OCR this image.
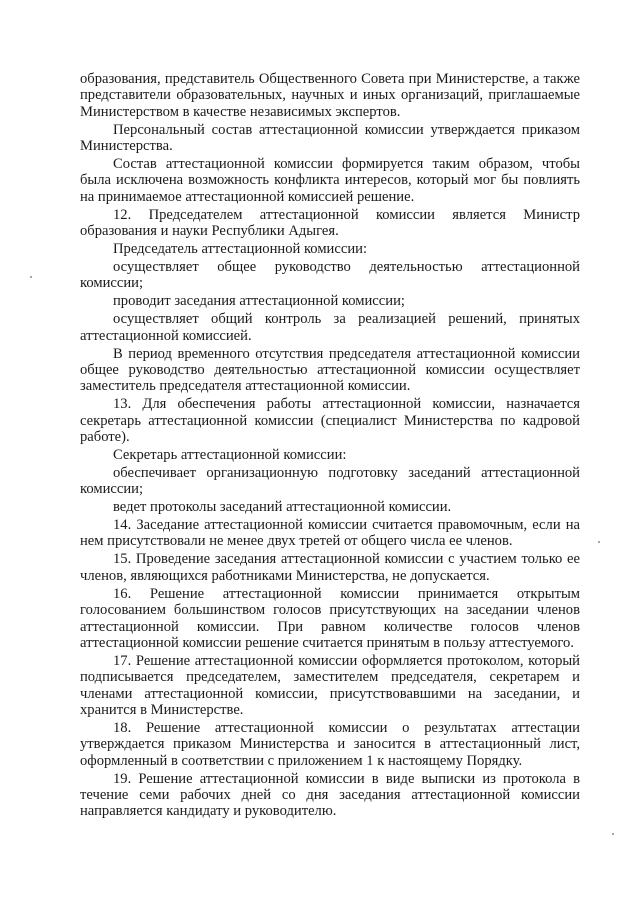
образования, представитель Общественного Совета при Министерстве, а также представители образовательных, научных и иных организаций, приглашаемые Министерством в качестве независимых экспертов.

Персональный состав аттестационной комиссии утверждается приказом Министерства.

Состав аттестационной комиссии формируется таким образом, чтобы была исключена возможность конфликта интересов, который мог бы повлиять на принимаемое аттестационной комиссией решение.

12. Председателем аттестационной комиссии является Министр образования и науки Республики Адыгея.

Председатель аттестационной комиссии:

осуществляет общее руководство деятельностью аттестационной комиссии;

проводит заседания аттестационной комиссии;

осуществляет общий контроль за реализацией решений, принятых аттестационной комиссией.

В период временного отсутствия председателя аттестационной комиссии общее руководство деятельностью аттестационной комиссии осуществляет заместитель председателя аттестационной комиссии.

13. Для обеспечения работы аттестационной комиссии, назначается секретарь аттестационной комиссии (специалист Министерства по кадровой работе).

Секретарь аттестационной комиссии:

обеспечивает организационную подготовку заседаний аттестационной комиссии;

ведет протоколы заседаний аттестационной комиссии.

14. Заседание аттестационной комиссии считается правомочным, если на нем присутствовали не менее двух третей от общего числа ее членов.

15. Проведение заседания аттестационной комиссии с участием только ее членов, являющихся работниками Министерства, не допускается.

16. Решение аттестационной комиссии принимается открытым голосованием большинством голосов присутствующих на заседании членов аттестационной комиссии. При равном количестве голосов членов аттестационной комиссии решение считается принятым в пользу аттестуемого.

17. Решение аттестационной комиссии оформляется протоколом, который подписывается председателем, заместителем председателя, секретарем и членами аттестационной комиссии, присутствовавшими на заседании, и хранится в Министерстве.

18. Решение аттестационной комиссии о результатах аттестации утверждается приказом Министерства и заносится в аттестационный лист, оформленный в соответствии с приложением 1 к настоящему Порядку.

19. Решение аттестационной комиссии в виде выписки из протокола в течение семи рабочих дней со дня заседания аттестационной комиссии направляется кандидату и руководителю.
